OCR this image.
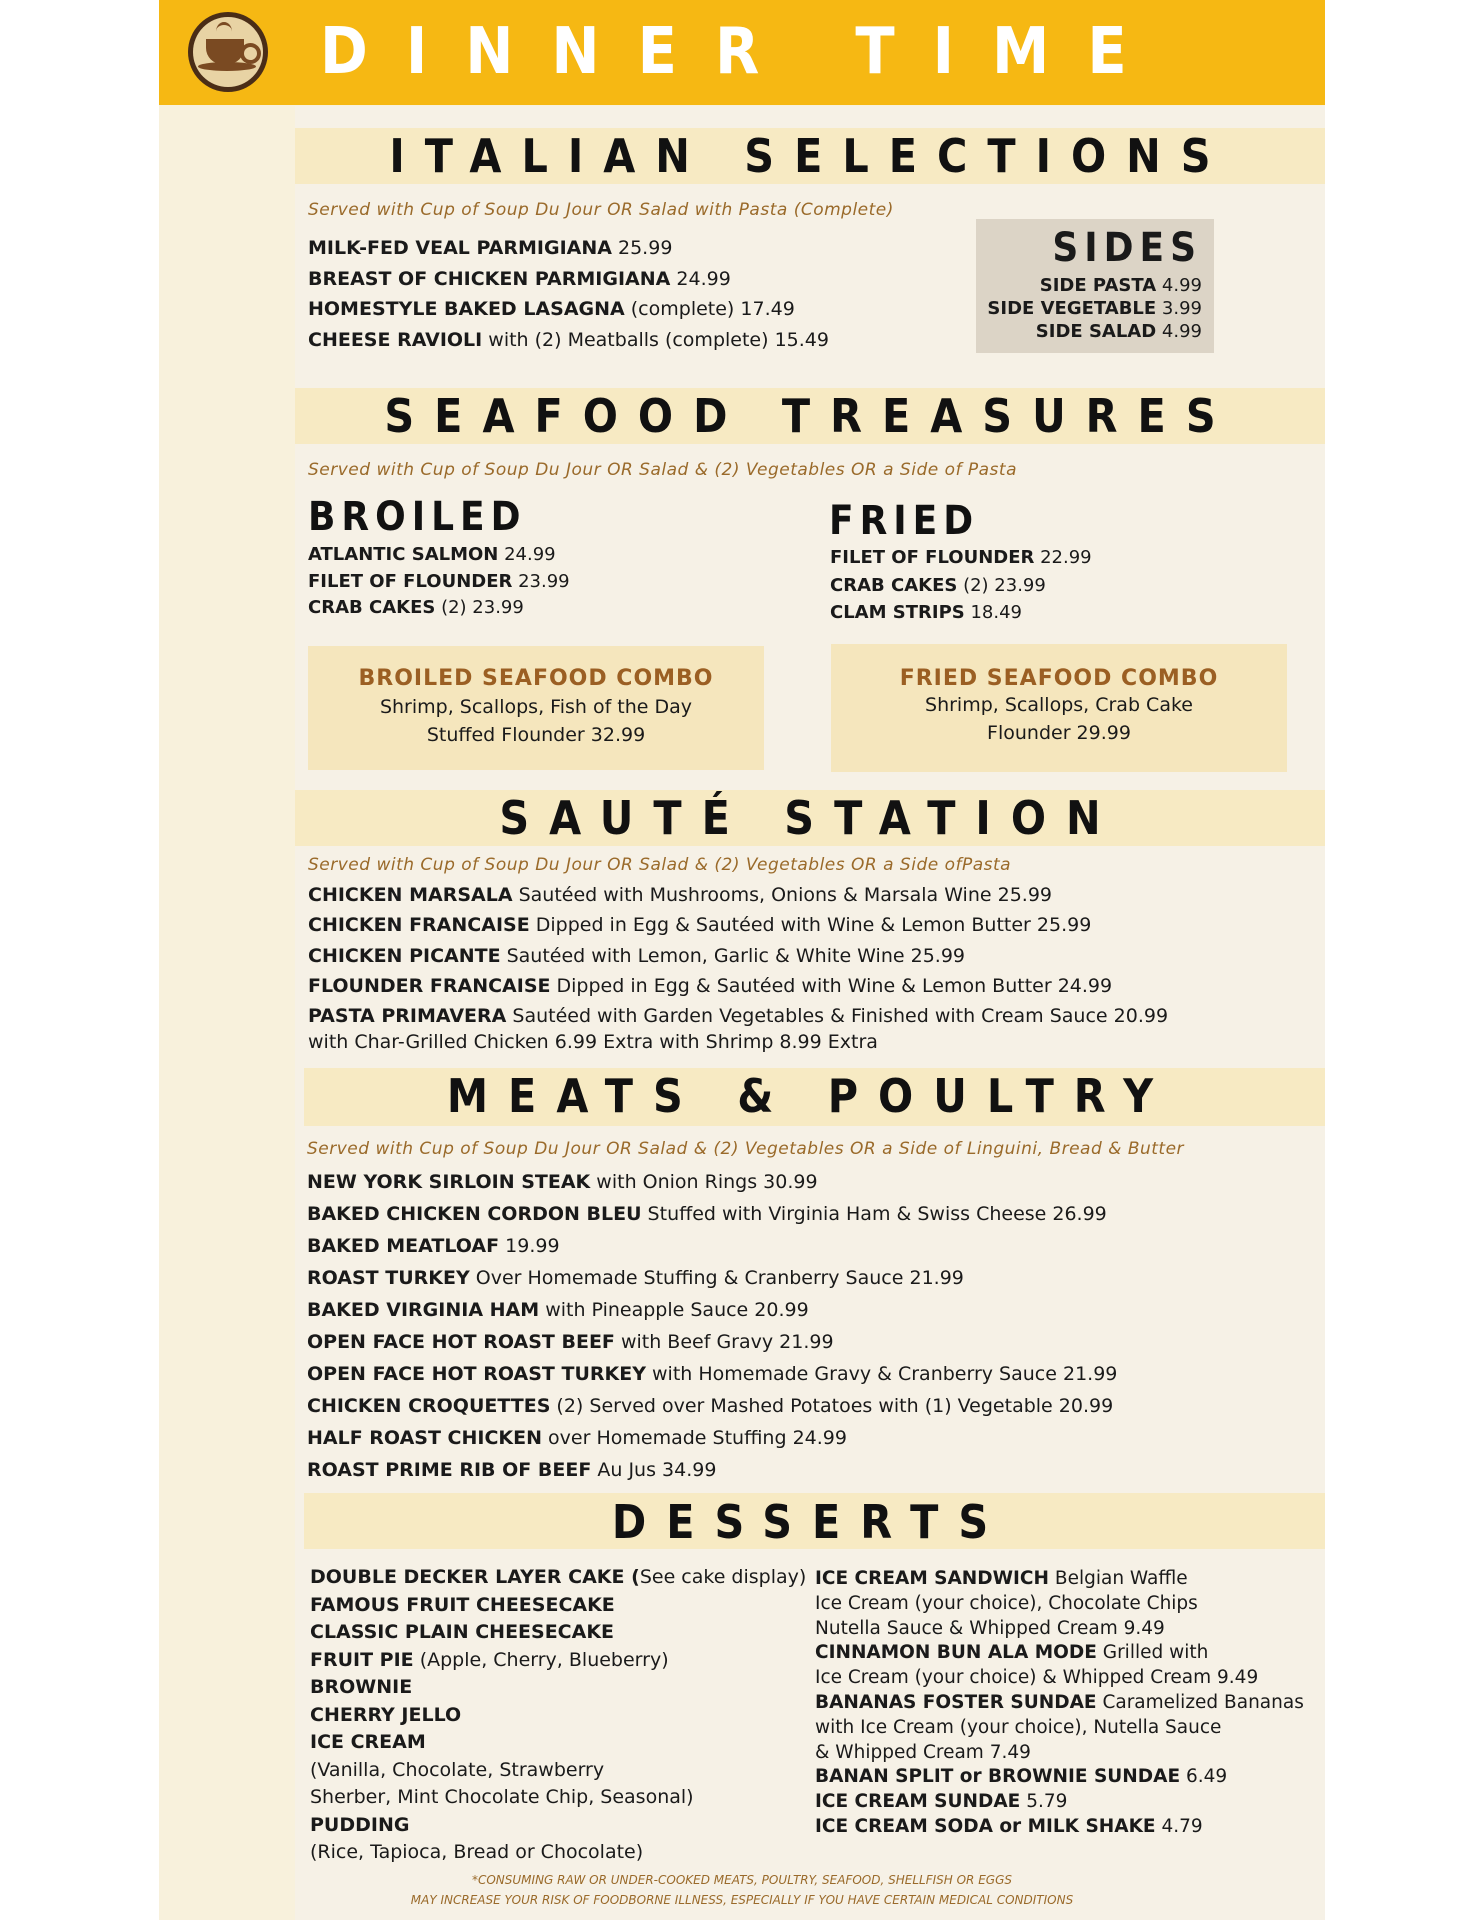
DINNER TIME
ITALIAN SELECTIONS
Served with Cup of Soup Du Jour OR Salad with Pasta (Complete)
SIDES
SIDE PASTA 4.99
SIDE VEGETABLE 3.99
SIDE SALAD 4.99
SEAFOOD TREASURES
Served with Cup of Soup Du Jour OR Salad & (2) Vegetables OR a Side of Pasta
BROILED	FRIED
BROILED SEAFOOD COMBO
Shrimp, Scallops, Fish of the Day
Stuffed Flounder 32.99
FRIED SEAFOOD COMBO
Shrimp, Scallops, Crab Cake
Flounder 29.99
SAUTÉ STATION
Served with Cup of Soup Du Jour OR Salad & (2) Vegetables OR a Side ofPasta
with Char-Grilled Chicken 6.99 Extra with Shrimp 8.99 Extra
MEATS & POULTRY
Served with Cup of Soup Du Jour OR Salad & (2) Vegetables OR a Side of Linguini, Bread & Butter
DESSERTS
*CONSUMING RAW OR UNDER-COOKED MEATS, POULTRY, SEAFOOD, SHELLFISH OR EGGS
MAY INCREASE YOUR RISK OF FOODBORNE ILLNESS, ESPECIALLY IF YOU HAVE CERTAIN MEDICAL CONDITIONS
MILK-FED VEAL PARMIGIANA 25.99
BREAST OF CHICKEN PARMIGIANA 24.99
HOMESTYLE BAKED LASAGNA (complete) 17.49
CHEESE RAVIOLI with (2) Meatballs (complete) 15.49
ATLANTIC SALMON 24.99
FILET OF FLOUNDER 23.99
CRAB CAKES (2) 23.99
FILET OF FLOUNDER 22.99
CRAB CAKES (2) 23.99
CLAM STRIPS 18.49
CHICKEN MARSALA Sautéed with Mushrooms, Onions & Marsala Wine 25.99
CHICKEN FRANCAISE Dipped in Egg & Sautéed with Wine & Lemon Butter 25.99
CHICKEN PICANTE Sautéed with Lemon, Garlic & White Wine 25.99
FLOUNDER FRANCAISE Dipped in Egg & Sautéed with Wine & Lemon Butter 24.99
PASTA PRIMAVERA Sautéed with Garden Vegetables & Finished with Cream Sauce 20.99
NEW YORK SIRLOIN STEAK with Onion Rings 30.99
BAKED CHICKEN CORDON BLEU Stuffed with Virginia Ham & Swiss Cheese 26.99
BAKED MEATLOAF 19.99
ROAST TURKEY Over Homemade Stuffing & Cranberry Sauce 21.99
BAKED VIRGINIA HAM with Pineapple Sauce 20.99
OPEN FACE HOT ROAST BEEF with Beef Gravy 21.99
OPEN FACE HOT ROAST TURKEY with Homemade Gravy & Cranberry Sauce 21.99
CHICKEN CROQUETTES (2) Served over Mashed Potatoes with (1) Vegetable 20.99
HALF ROAST CHICKEN over Homemade Stuffing 24.99
ROAST PRIME RIB OF BEEF Au Jus 34.99
DOUBLE DECKER LAYER CAKE (See cake display)
FAMOUS FRUIT CHEESECAKE
CLASSIC PLAIN CHEESECAKE
FRUIT PIE (Apple, Cherry, Blueberry)
BROWNIE
CHERRY JELLO
ICE CREAM
(Vanilla, Chocolate, Strawberry
Sherber, Mint Chocolate Chip, Seasonal)
PUDDING
(Rice, Tapioca, Bread or Chocolate)
ICE CREAM SANDWICH Belgian Waffle
Ice Cream (your choice), Chocolate Chips
Nutella Sauce & Whipped Cream 9.49
CINNAMON BUN ALA MODE Grilled with
Ice Cream (your choice) & Whipped Cream 9.49
BANANAS FOSTER SUNDAE Caramelized Bananas
with Ice Cream (your choice), Nutella Sauce
& Whipped Cream 7.49
BANAN SPLIT or BROWNIE SUNDAE 6.49
ICE CREAM SUNDAE 5.79
ICE CREAM SODA or MILK SHAKE 4.79
